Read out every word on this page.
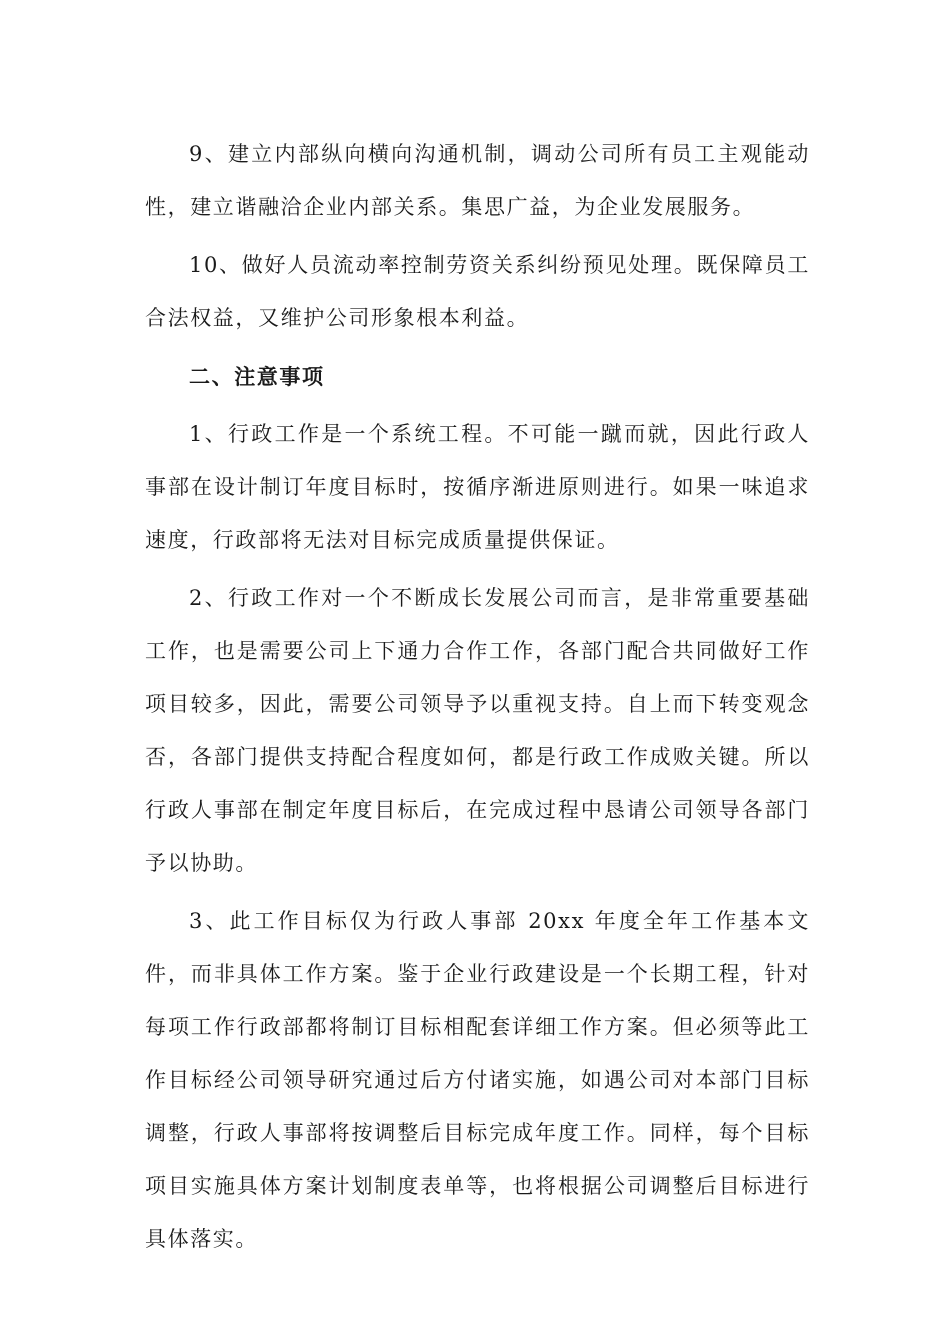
9、建立内部纵向横向沟通机制，调动公司所有员工主观能动性，建立谐融洽企业内部关系。集思广益，为企业发展服务。

10、做好人员流动率控制劳资关系纠纷预见处理。既保障员工合法权益，又维护公司形象根本利益。

二、注意事项

1、行政工作是一个系统工程。不可能一蹴而就，因此行政人事部在设计制订年度目标时，按循序渐进原则进行。如果一味追求速度，行政部将无法对目标完成质量提供保证。

2、行政工作对一个不断成长发展公司而言，是非常重要基础工作，也是需要公司上下通力合作工作，各部门配合共同做好工作项目较多，因此，需要公司领导予以重视支持。自上而下转变观念否，各部门提供支持配合程度如何，都是行政工作成败关键。所以行政人事部在制定年度目标后，在完成过程中恳请公司领导各部门予以协助。

3、此工作目标仅为行政人事部 20xx 年度全年工作基本文件，而非具体工作方案。鉴于企业行政建设是一个长期工程，针对每项工作行政部都将制订目标相配套详细工作方案。但必须等此工作目标经公司领导研究通过后方付诸实施，如遇公司对本部门目标调整，行政人事部将按调整后目标完成年度工作。同样，每个目标项目实施具体方案计划制度表单等，也将根据公司调整后目标进行具体落实。
